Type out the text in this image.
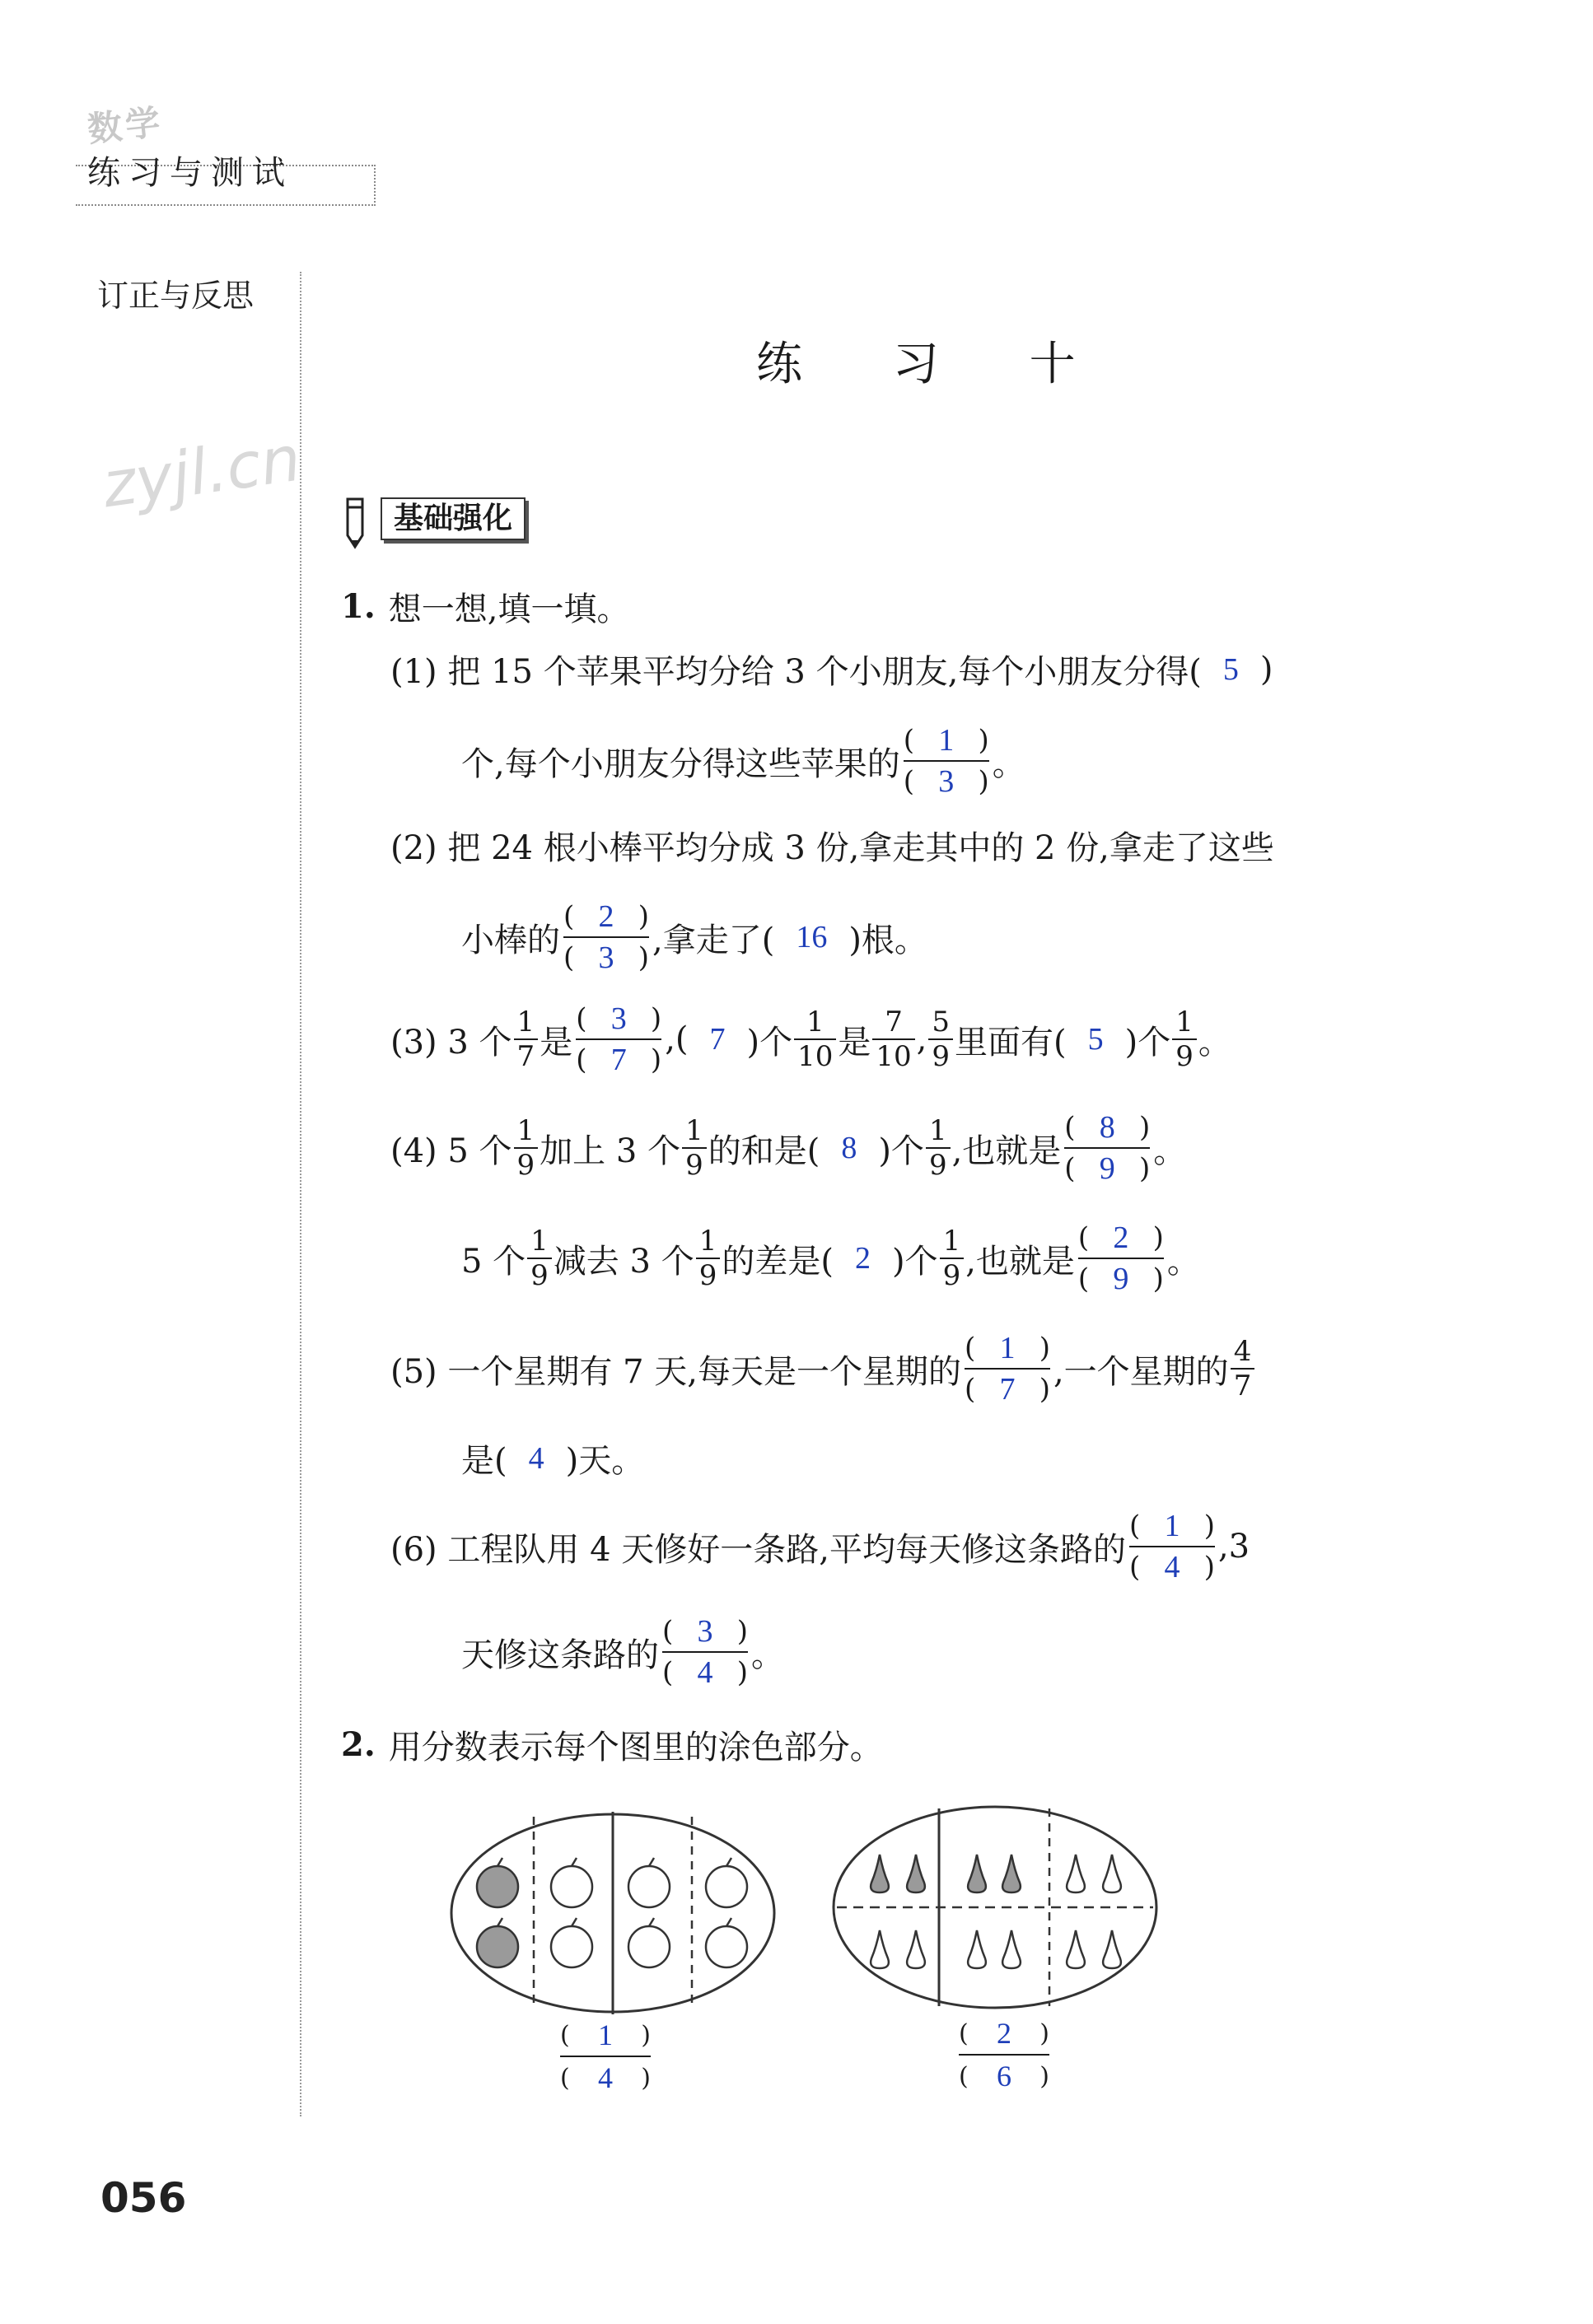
数学
练习与测试
订正与反思
zyjl.cn
练 习 十
基础强化
1. 想一想,填一填。
(1) 把 15 个苹果平均分给 3 个小朋友,每个小朋友分得( 5 )
个,每个小朋友分得这些苹果的
( 1 )
( 3 ) 。
(2) 把 24 根小棒平均分成 3 份,拿走其中的 2 份,拿走了这些
小棒的
( 2 )
( 3 ) ,拿走了( 16 )根。
(3) 3 个 $\frac{1}{7}$ 是
( 3 )
( 7 )
,( 7 )个 $\frac{1}{10}$ 是 $\frac{7}{10}$ , $\frac{5}{9}$ 里面有( 5 )个 $\frac{1}{9}$ 。
(4) 5 个 $\frac{1}{9}$ 加上 3 个 $\frac{1}{9}$ 的和是( 8 )个 $\frac{1}{9}$ ,也就是
( 8 )
( 9 ) 。
5 个 $\frac{1}{9}$ 减去 3 个 $\frac{1}{9}$ 的差是( 2 )个 $\frac{1}{9}$ ,也就是
( 2 )
( 9 ) 。
(5) 一个星期有 7 天,每天是一个星期的
( 1 )
( 7 ) ,一个星期的 $\frac{4}{7}$
是( 4 )天。
(6) 工程队用 4 天修好一条路,平均每天修这条路的
( 1 )
( 4 )
,3
天修这条路的
( 3 )
( 4 ) 。
2. 用分数表示每个图里的涂色部分。
( 1 )
( 4 )
( 2 )
( 6 )
056
